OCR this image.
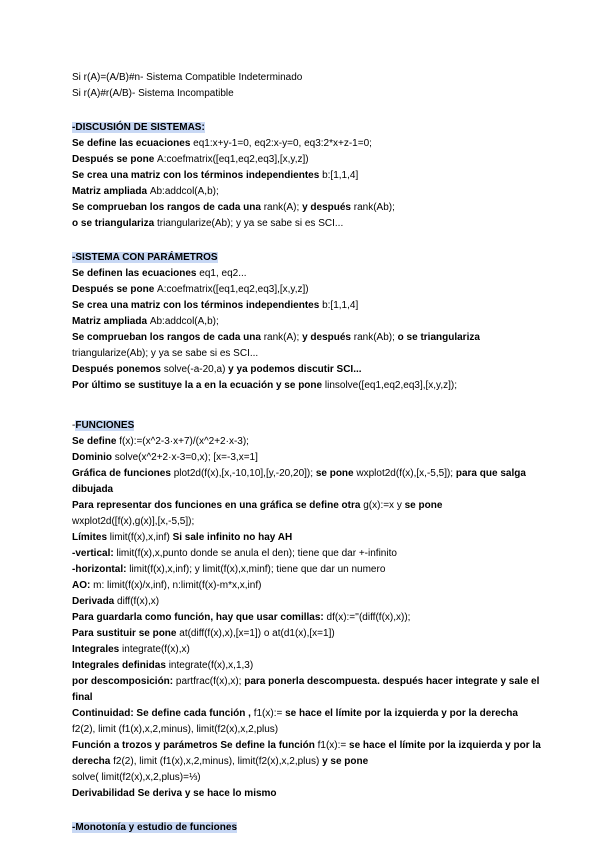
Si r(A)=(A/B)#n- Sistema Compatible Indeterminado

Si r(A)#r(A/B)- Sistema Incompatible

-DISCUSIÓN DE SISTEMAS:

Se define las ecuaciones eq1:x+y-1=0, eq2:x-y=0, eq3:2*x+z-1=0;

Después se pone A:coefmatrix([eq1,eq2,eq3],[x,y,z])

Se crea una matriz con los términos independientes b:[1,1,4]

Matriz ampliada Ab:addcol(A,b);

Se comprueban los rangos de cada una rank(A); y después rank(Ab);

o se triangulariza triangularize(Ab); y ya se sabe si es SCI...

-SISTEMA CON PARÁMETROS

Se definen las ecuaciones eq1, eq2...

Después se pone A:coefmatrix([eq1,eq2,eq3],[x,y,z])

Se crea una matriz con los términos independientes b:[1,1,4]

Matriz ampliada Ab:addcol(A,b);

Se comprueban los rangos de cada una rank(A); y después rank(Ab); o se triangulariza

triangularize(Ab); y ya se sabe si es SCI...

Después ponemos solve(-a-20,a) y ya podemos discutir SCI...

Por último se sustituye la a en la ecuación y se pone linsolve([eq1,eq2,eq3],[x,y,z]);

-FUNCIONES

Se define f(x):=(x^2-3·x+7)/(x^2+2·x-3);

Dominio solve(x^2+2·x-3=0,x); [x=-3,x=1]

Gráfica de funciones plot2d(f(x),[x,-10,10],[y,-20,20]); se pone wxplot2d(f(x),[x,-5,5]); para que salga dibujada

Para representar dos funciones en una gráfica se define otra g(x):=x y se pone
wxplot2d([f(x),g(x)],[x,-5,5]);

Límites limit(f(x),x,inf) Si sale infinito no hay AH

-vertical: limit(f(x),x,punto donde se anula el den); tiene que dar +-infinito

-horizontal: limit(f(x),x,inf); y limit(f(x),x,minf); tiene que dar un numero

AO: m: limit(f(x)/x,inf), n:limit(f(x)-m*x,x,inf)

Derivada diff(f(x),x)

Para guardarla como función, hay que usar comillas: df(x):=''(diff(f(x),x));

Para sustituir se pone at(diff(f(x),x),[x=1]) o at(d1(x),[x=1])

Integrales integrate(f(x),x)

Integrales definidas integrate(f(x),x,1,3)

por descomposición: partfrac(f(x),x); para ponerla descompuesta. después hacer integrate y sale el final

Continuidad: Se define cada función , f1(x):= se hace el límite por la izquierda y por la derecha f2(2), limit (f1(x),x,2,minus), limit(f2(x),x,2,plus)

Función a trozos y parámetros Se define la función f1(x):= se hace el límite por la izquierda y por la derecha f2(2), limit (f1(x),x,2,minus), limit(f2(x),x,2,plus) y se pone
solve( limit(f2(x),x,2,plus)=⅓)

Derivabilidad Se deriva y se hace lo mismo

-Monotonía y estudio de funciones
